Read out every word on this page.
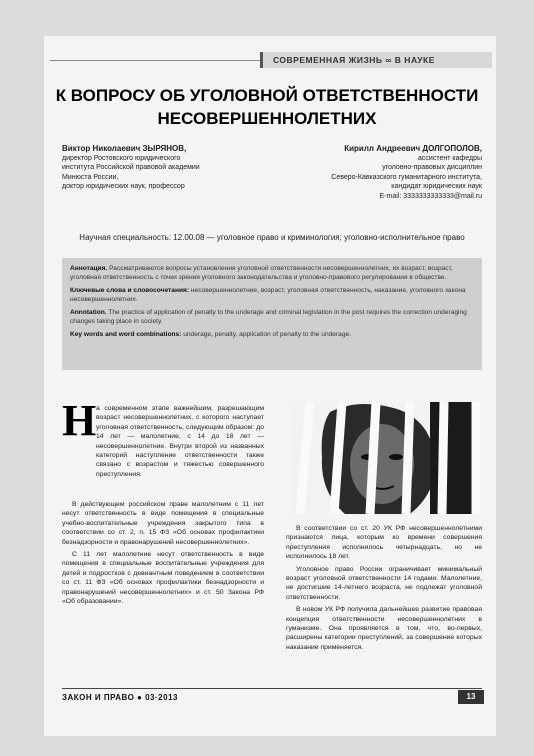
СОВРЕМЕННАЯ ЖИЗНЬ ∞ В НАУКЕ
К ВОПРОСУ ОБ УГОЛОВНОЙ ОТВЕТСТВЕННОСТИ НЕСОВЕРШЕННОЛЕТНИХ
Виктор Николаевич ЗЫРЯНОВ,
директор Ростовского юридического
института Российской правовой академии
Минюста России,
доктор юридических наук, профессор
Кирилл Андреевич ДОЛГОПОЛОВ,
ассистент кафедры
уголовно-правовых дисциплин
Северо-Кавказского гуманитарного института,
кандидат юридических наук
E-mail: 3333333333333@mail.ru
Научная специальность: 12.00.08 — уголовное право и криминология; уголовно-исполнительное право

Аннотация. Рассматриваются вопросы установления уголовной ответственности несовершеннолетних, их возраст, возраст, уголовная ответственность с точки зрения уголовного законодательства и уголовно-правового регулирования в обществе.

Ключевые слова и словосочетания: несовершеннолетние, возраст, уголовная ответственность, наказание, уголовного закона несовершеннолетних.

Annotation. The practice of application of penalty to the underage and criminal legislation in the post requires the correction underaging changes taking place in society.

Key words and word combinations: underage, penalty, application of penalty to the underage.

Н а современном этапе важнейшим, разрешающим возраст несовершеннолетних, с которого наступает уголовная ответственность, следующим образом: до 14 лет — малолетние, с 14 до 18 лет — несовершеннолетние. Внутри второй из названных категорий наступление ответственности также связано с возрастом и тяжестью совершенного преступления.

В действующем российском праве малолетним с 11 лет несут ответственность в виде помещения в специальные учебно-воспитательные учреждения закрытого типа в соответствии со ст. 2, п. 15 ФЗ «Об основах профилактики безнадзорности и правонарушений несовершеннолетних».

С 11 лет малолетние несут ответственность в виде помещения в специальные воспитательные учреждения для детей и подростков с девиантным поведением в соответствии со ст. 11 ФЗ «Об основах профилактики безнадзорности и правонарушений несовершеннолетних» и ст. 50 Закона РФ «Об образовании».

В соответствии со ст. 20 УК РФ несовершеннолетними признаются лица, которым ко времени совершения преступления исполнилось четырнадцать, но не исполнилось 18 лет.

Уголовное право России ограничивает минимальный возраст уголовной ответственности 14 годами. Малолетние, не достигшие 14-летнего возраста, не подлежат уголовной ответственности.

В новом УК РФ получила дальнейшее развитие правовая концепция ответственности несовершеннолетних в гуманизме. Она проявляется в том, что, во-первых, расширены категории преступлений, за совершение которых наказание применяется.

ЗАКОН И ПРАВО ● 03·2013	13
